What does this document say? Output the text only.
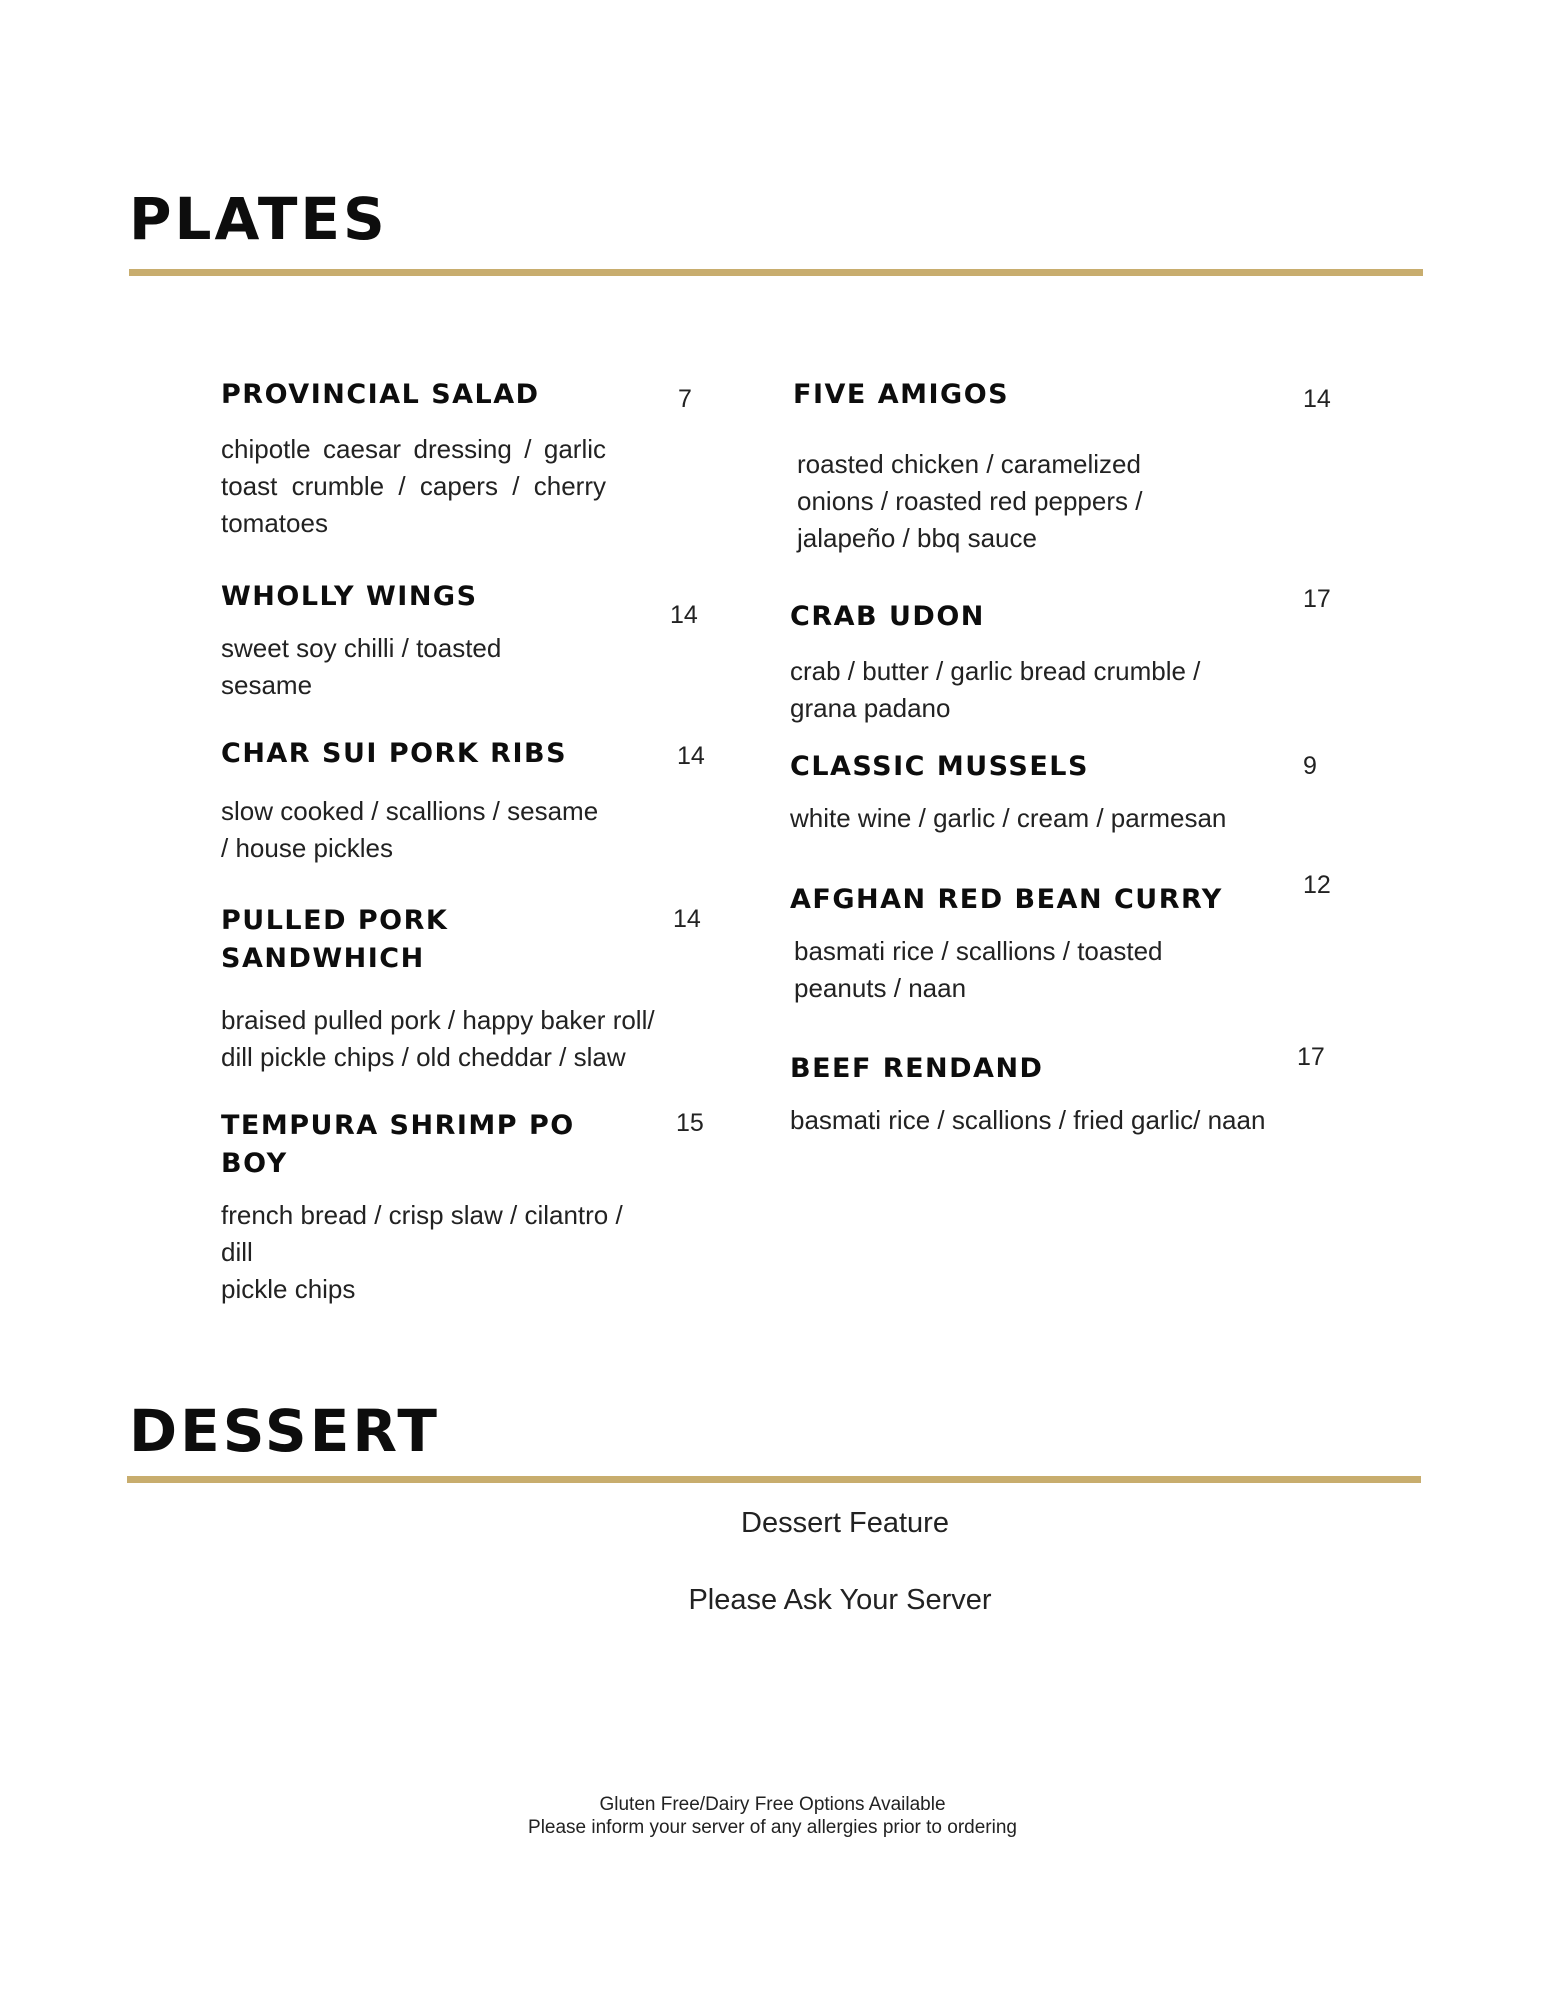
PLATES
PROVINCIAL SALAD
chipotle caesar dressing / garlic toast crumble / capers / cherry tomatoes
7
WHOLLY WINGS
sweet soy chilli / toasted
sesame
14
CHAR SUI PORK RIBS
slow cooked / scallions / sesame
/ house pickles
14
PULLED PORK
SANDWHICH
braised pulled pork / happy baker roll/
dill pickle chips / old cheddar / slaw
14
TEMPURA SHRIMP PO
BOY
french bread / crisp slaw / cilantro / dill
pickle chips
15
FIVE AMIGOS
roasted chicken / caramelized
onions / roasted red peppers /
jalapeño / bbq sauce
14
CRAB UDON
crab / butter / garlic bread crumble /
grana padano
17
CLASSIC MUSSELS
white wine / garlic / cream / parmesan
9
AFGHAN RED BEAN CURRY
basmati rice / scallions / toasted
peanuts / naan
12
BEEF RENDAND
basmati rice / scallions / fried garlic/ naan
17
DESSERT
Dessert Feature
Please Ask Your Server
Gluten Free/Dairy Free Options Available
Please inform your server of any allergies prior to ordering
